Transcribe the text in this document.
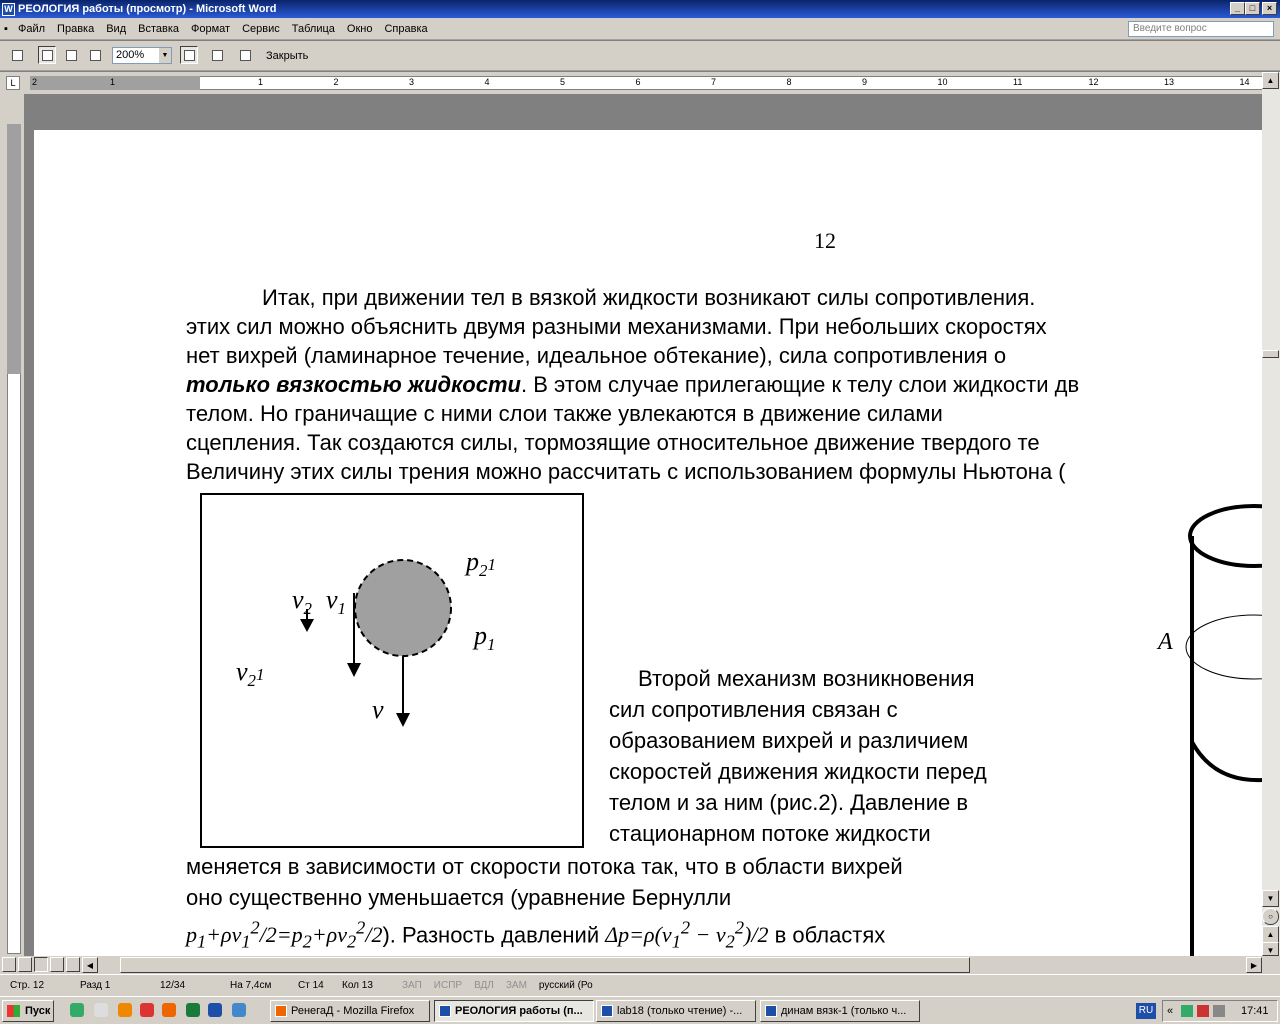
W РЕОЛОГИЯ работы (просмотр) - Microsoft Word	_	□	×
▪ Файл	Правка	Вид	Вставка	Формат	Сервис	Таблица	Окно	Справка	Введите вопрос
200%	▼	Закрыть
L	2	1	1	2	3	4	5	6	7	8	9	10	11	12	13	14
12
Итак, при движении тел в вязкой жидкости возникают силы сопротивления.
этих сил можно объяснить двумя разными механизмами. При небольших скоростях
нет вихрей (ламинарное течение, идеальное обтекание), сила сопротивления о
только вязкостью жидкости. В этом случае прилегающие к телу слои жидкости дв
телом. Но граничащие с ними слои также увлекаются в движение силами
сцепления. Так создаются силы, тормозящие относительное движение твердого те
Величину этих силы трения можно рассчитать с использованием формулы Ньютона (
$p_21$
$p_1$
$v_2$ $v_1$
$v_21$
v
Второй механизм возникновения
сил сопротивления связан с
образованием вихрей и различием
скоростей движения жидкости перед
телом и за ним (рис.2). Давление в
стационарном потоке жидкости
меняется в зависимости от скорости потока так, что в области вихрей
оно существенно уменьшается (уравнение Бернулли
$p_1+\rho v_1^2/2=p_2+\rho v_2^2/2$). Разность давлений $\Delta p=\rho(v_1^2 - v_2^2)/2$ в областях
A
▲
▼
○
▲
▼
◀	▶
Стр. 12	Разд 1	12/34	На 7,4см	Ст 14	Кол 13	ЗАП	ИСПР	ВДЛ	ЗАМ	русский (Ро
Пуск	РенегаД - Mozilla Firefox	РЕОЛОГИЯ работы (п...	lab18 (только чтение) -...	динам вязк-1 (только ч...	RU «	17:41
